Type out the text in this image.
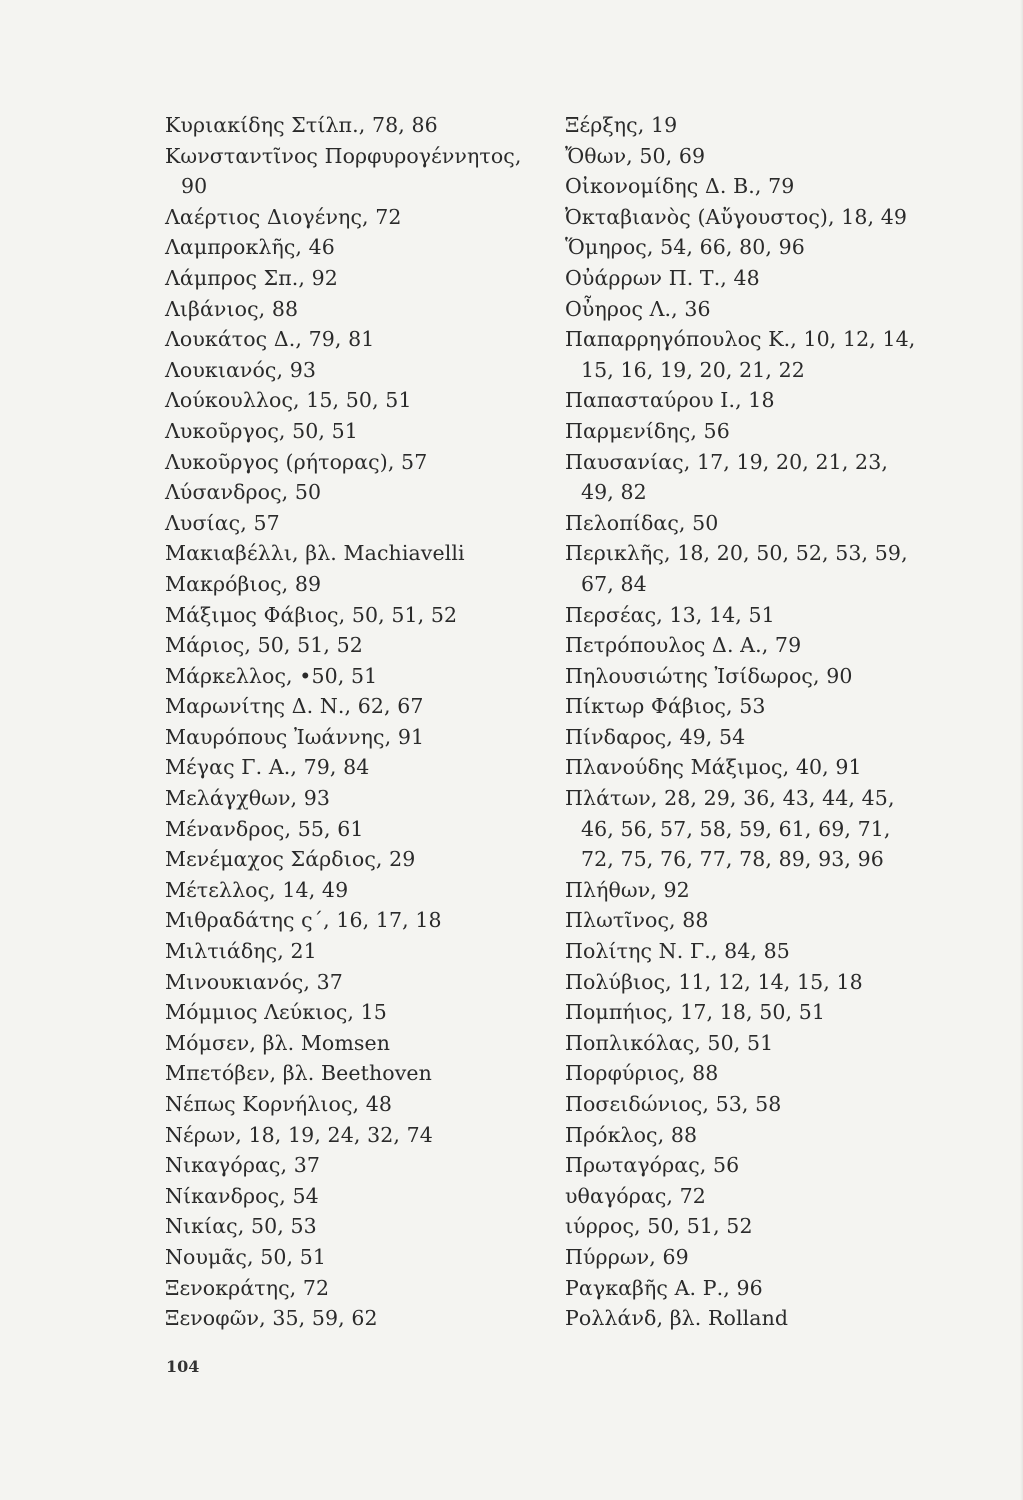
Κυριακίδης Στίλπ., 78, 86
Κωνσταντῖνος Πορφυρογέννητος,
90
Λαέρτιος Διογένης, 72
Λαμπροκλῆς, 46
Λάμπρος Σπ., 92
Λιβάνιος, 88
Λουκάτος Δ., 79, 81
Λουκιανός, 93
Λούκουλλος, 15, 50, 51
Λυκοῦργος, 50, 51
Λυκοῦργος (ρήτορας), 57
Λύσανδρος, 50
Λυσίας, 57
Μακιαβέλλι, βλ. Machiavelli
Μακρόβιος, 89
Μάξιμος Φάβιος, 50, 51, 52
Μάριος, 50, 51, 52
Μάρκελλος, •50, 51
Μαρωνίτης Δ. Ν., 62, 67
Μαυρόπους Ἰωάννης, 91
Μέγας Γ. Α., 79, 84
Μελάγχθων, 93
Μένανδρος, 55, 61
Μενέμαχος Σάρδιος, 29
Μέτελλος, 14, 49
Μιθραδάτης ς΄, 16, 17, 18
Μιλτιάδης, 21
Μινουκιανός, 37
Μόμμιος Λεύκιος, 15
Μόμσεν, βλ. Momsen
Μπετόβεν, βλ. Beethoven
Νέπως Κορνήλιος, 48
Νέρων, 18, 19, 24, 32, 74
Νικαγόρας, 37
Νίκανδρος, 54
Νικίας, 50, 53
Νουμᾶς, 50, 51
Ξενοκράτης, 72
Ξενοφῶν, 35, 59, 62
Ξέρξης, 19
Ὄθων, 50, 69
Οἰκονομίδης Δ. Β., 79
Ὀκταβιανὸς (Αὔγουστος), 18, 49
Ὅμηρος, 54, 66, 80, 96
Οὐάρρων Π. Τ., 48
Οὖηρος Λ., 36
Παπαρρηγόπουλος Κ., 10, 12, 14,
15, 16, 19, 20, 21, 22
Παπασταύρου Ι., 18
Παρμενίδης, 56
Παυσανίας, 17, 19, 20, 21, 23,
49, 82
Πελοπίδας, 50
Περικλῆς, 18, 20, 50, 52, 53, 59,
67, 84
Περσέας, 13, 14, 51
Πετρόπουλος Δ. Α., 79
Πηλουσιώτης Ἰσίδωρος, 90
Πίκτωρ Φάβιος, 53
Πίνδαρος, 49, 54
Πλανούδης Μάξιμος, 40, 91
Πλάτων, 28, 29, 36, 43, 44, 45,
46, 56, 57, 58, 59, 61, 69, 71,
72, 75, 76, 77, 78, 89, 93, 96
Πλήθων, 92
Πλωτῖνος, 88
Πολίτης Ν. Γ., 84, 85
Πολύβιος, 11, 12, 14, 15, 18
Πομπήιος, 17, 18, 50, 51
Ποπλικόλας, 50, 51
Πορφύριος, 88
Ποσειδώνιος, 53, 58
Πρόκλος, 88
Πρωταγόρας, 56
υθαγόρας, 72
ιύρρος, 50, 51, 52
Πύρρων, 69
Ραγκαβῆς Α. Ρ., 96
Ρολλάνδ, βλ. Rolland
104
